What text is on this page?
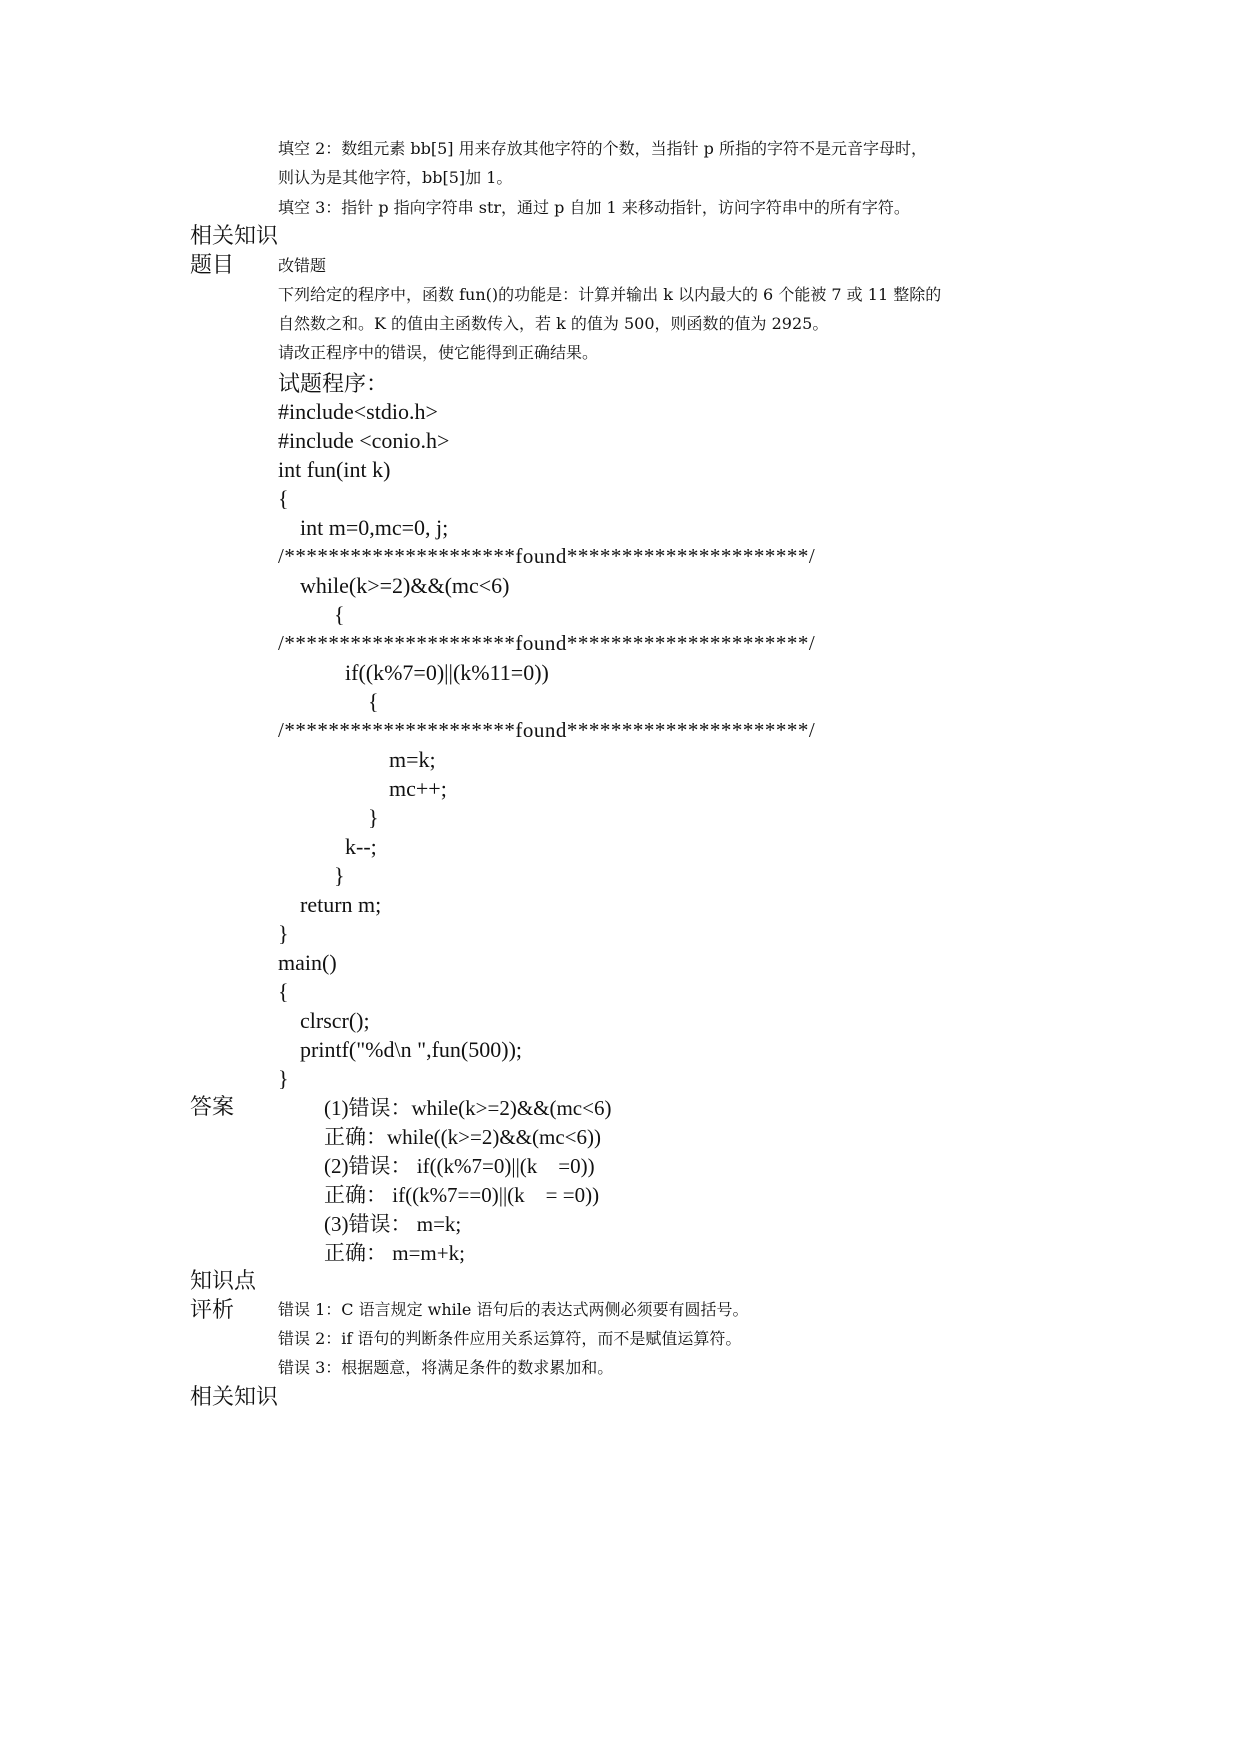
填空 2：数组元素 bb[5] 用来存放其他字符的个数，当指针 p 所指的字符不是元音字母时，
则认为是其他字符，bb[5]加 1。
填空 3：指针 p 指向字符串 str，通过 p 自加 1 来移动指针，访问字符串中的所有字符。
相关知识
题目	改错题
下列给定的程序中，函数 fun()的功能是：计算并输出 k 以内最大的 6 个能被 7 或 11 整除的
自然数之和。K 的值由主函数传入，若 k 的值为 500，则函数的值为 2925。
请改正程序中的错误，使它能得到正确结果。
试题程序：
#include<stdio.h>
#include <conio.h>
int fun(int k)
{
int m=0,mc=0, j;
/*********************found**********************/
while(k>=2)&&(mc<6)
{
/*********************found**********************/
if((k%7=0)||(k%11=0))
{
/*********************found**********************/
m=k;
mc++;
}
k--;
}
return m;
}
main()
{
clrscr();
printf("%d\n ",fun(500));
}
答案	(1)错误：while(k>=2)&&(mc<6)
正确：while((k>=2)&&(mc<6))
(2)错误： if((k%7=0)||(k    =0))
正确： if((k%7==0)||(k    = =0))
(3)错误： m=k;
正确： m=m+k;
知识点
评析	错误 1：C 语言规定 while 语句后的表达式两侧必须要有圆括号。
错误 2：if 语句的判断条件应用关系运算符，而不是赋值运算符。
错误 3：根据题意，将满足条件的数求累加和。
相关知识
